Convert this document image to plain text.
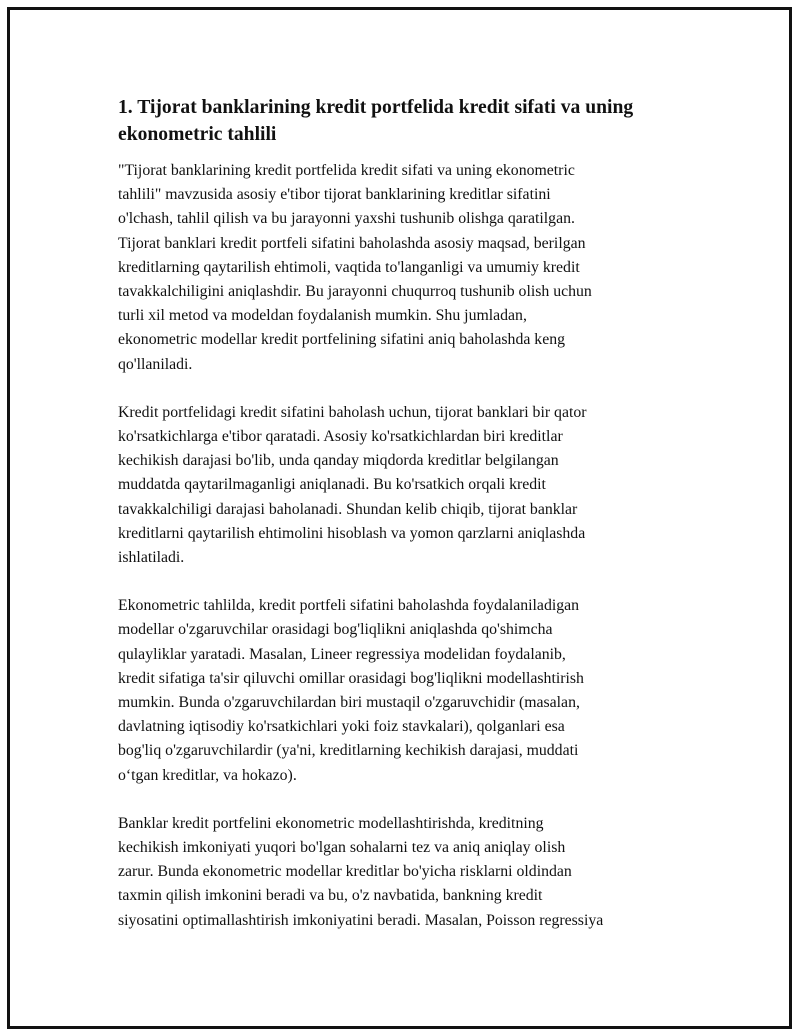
1. Tijorat banklarining kredit portfelida kredit sifati va uning
ekonometric tahlili

"Tijorat banklarining kredit portfelida kredit sifati va uning ekonometric
tahlili" mavzusida asosiy e'tibor tijorat banklarining kreditlar sifatini
o'lchash, tahlil qilish va bu jarayonni yaxshi tushunib olishga qaratilgan.
Tijorat banklari kredit portfeli sifatini baholashda asosiy maqsad, berilgan
kreditlarning qaytarilish ehtimoli, vaqtida to'langanligi va umumiy kredit
tavakkalchiligini aniqlashdir. Bu jarayonni chuqurroq tushunib olish uchun
turli xil metod va modeldan foydalanish mumkin. Shu jumladan,
ekonometric modellar kredit portfelining sifatini aniq baholashda keng
qo'llaniladi.

Kredit portfelidagi kredit sifatini baholash uchun, tijorat banklari bir qator
ko'rsatkichlarga e'tibor qaratadi. Asosiy ko'rsatkichlardan biri kreditlar
kechikish darajasi bo'lib, unda qanday miqdorda kreditlar belgilangan
muddatda qaytarilmaganligi aniqlanadi. Bu ko'rsatkich orqali kredit
tavakkalchiligi darajasi baholanadi. Shundan kelib chiqib, tijorat banklar
kreditlarni qaytarilish ehtimolini hisoblash va yomon qarzlarni aniqlashda
ishlatiladi.

Ekonometric tahlilda, kredit portfeli sifatini baholashda foydalaniladigan
modellar o'zgaruvchilar orasidagi bog'liqlikni aniqlashda qo'shimcha
qulayliklar yaratadi. Masalan, Lineer regressiya modelidan foydalanib,
kredit sifatiga ta'sir qiluvchi omillar orasidagi bog'liqlikni modellashtirish
mumkin. Bunda o'zgaruvchilardan biri mustaqil o'zgaruvchidir (masalan,
davlatning iqtisodiy ko'rsatkichlari yoki foiz stavkalari), qolganlari esa
bog'liq o'zgaruvchilardir (ya'ni, kreditlarning kechikish darajasi, muddati
o‘tgan kreditlar, va hokazo).

Banklar kredit portfelini ekonometric modellashtirishda, kreditning
kechikish imkoniyati yuqori bo'lgan sohalarni tez va aniq aniqlay olish
zarur. Bunda ekonometric modellar kreditlar bo'yicha risklarni oldindan
taxmin qilish imkonini beradi va bu, o'z navbatida, bankning kredit
siyosatini optimallashtirish imkoniyatini beradi. Masalan, Poisson regressiya
